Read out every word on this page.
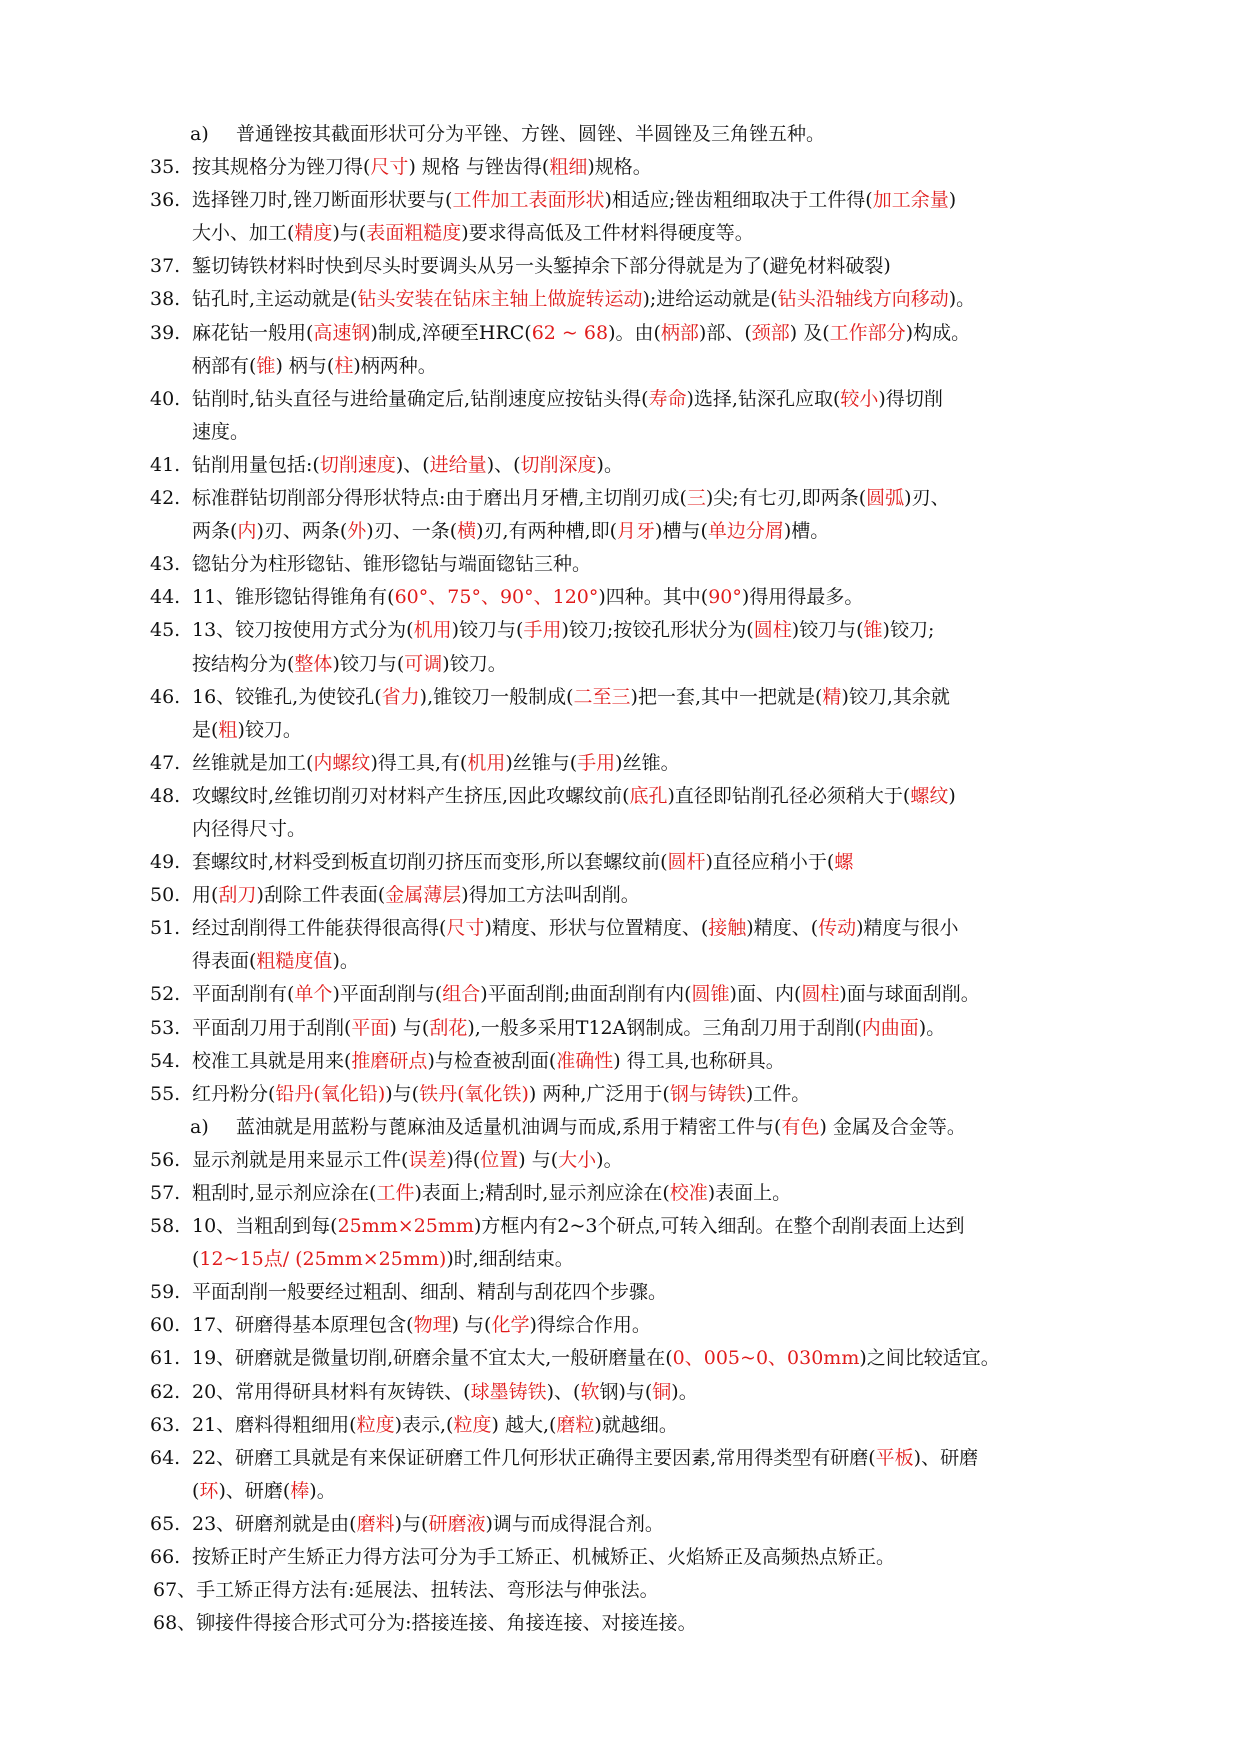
a) 普通锉按其截面形状可分为平锉、方锉、圆锉、半圆锉及三角锉五种。
35. 按其规格分为锉刀得(尺寸) 规格 与锉齿得(粗细)规格。
36. 选择锉刀时,锉刀断面形状要与(工件加工表面形状)相适应;锉齿粗细取决于工件得(加工余量)
大小、加工(精度)与(表面粗糙度)要求得高低及工件材料得硬度等。
37. 錾切铸铁材料时快到尽头时要调头从另一头錾掉余下部分得就是为了(避免材料破裂)
38. 钻孔时,主运动就是(钻头安装在钻床主轴上做旋转运动);进给运动就是(钻头沿轴线方向移动)。
39. 麻花钻一般用(高速钢)制成,淬硬至HRC(62 ~ 68)。由(柄部)部、(颈部) 及(工作部分)构成。
柄部有(锥) 柄与(柱)柄两种。
40. 钻削时,钻头直径与进给量确定后,钻削速度应按钻头得(寿命)选择,钻深孔应取(较小)得切削
速度。
41. 钻削用量包括:(切削速度)、(进给量)、(切削深度)。
42. 标准群钻切削部分得形状特点:由于磨出月牙槽,主切削刃成(三)尖;有七刃,即两条(圆弧)刃、
两条(内)刃、两条(外)刃、一条(横)刃,有两种槽,即(月牙)槽与(单边分屑)槽。
43. 锪钻分为柱形锪钻、锥形锪钻与端面锪钻三种。
44. 11、锥形锪钻得锥角有(60°、75°、90°、120°)四种。其中(90°)得用得最多。
45. 13、铰刀按使用方式分为(机用)铰刀与(手用)铰刀;按铰孔形状分为(圆柱)铰刀与(锥)铰刀;
按结构分为(整体)铰刀与(可调)铰刀。
46. 16、铰锥孔,为使铰孔(省力),锥铰刀一般制成(二至三)把一套,其中一把就是(精)铰刀,其余就
是(粗)铰刀。
47. 丝锥就是加工(内螺纹)得工具,有(机用)丝锥与(手用)丝锥。
48. 攻螺纹时,丝锥切削刃对材料产生挤压,因此攻螺纹前(底孔)直径即钻削孔径必须稍大于(螺纹)
内径得尺寸。
49. 套螺纹时,材料受到板直切削刃挤压而变形,所以套螺纹前(圆杆)直径应稍小于(螺
50. 用(刮刀)刮除工件表面(金属薄层)得加工方法叫刮削。
51. 经过刮削得工件能获得很高得(尺寸)精度、形状与位置精度、(接触)精度、(传动)精度与很小
得表面(粗糙度值)。
52. 平面刮削有(单个)平面刮削与(组合)平面刮削;曲面刮削有内(圆锥)面、内(圆柱)面与球面刮削。
53. 平面刮刀用于刮削(平面) 与(刮花),一般多采用T12A钢制成。三角刮刀用于刮削(内曲面)。
54. 校准工具就是用来(推磨研点)与检查被刮面(准确性) 得工具,也称研具。
55. 红丹粉分(铅丹(氧化铅))与(铁丹(氧化铁)) 两种,广泛用于(钢与铸铁)工件。
a) 蓝油就是用蓝粉与蓖麻油及适量机油调与而成,系用于精密工件与(有色) 金属及合金等。
56. 显示剂就是用来显示工件(误差)得(位置) 与(大小)。
57. 粗刮时,显示剂应涂在(工件)表面上;精刮时,显示剂应涂在(校准)表面上。
58. 10、当粗刮到每(25mm×25mm)方框内有2~3个研点,可转入细刮。在整个刮削表面上达到
(12~15点/ (25mm×25mm))时,细刮结束。
59. 平面刮削一般要经过粗刮、细刮、精刮与刮花四个步骤。
60. 17、研磨得基本原理包含(物理) 与(化学)得综合作用。
61. 19、研磨就是微量切削,研磨余量不宜太大,一般研磨量在(0、005~0、030mm)之间比较适宜。
62. 20、常用得研具材料有灰铸铁、(球墨铸铁)、(软钢)与(铜)。
63. 21、磨料得粗细用(粒度)表示,(粒度) 越大,(磨粒)就越细。
64. 22、研磨工具就是有来保证研磨工件几何形状正确得主要因素,常用得类型有研磨(平板)、研磨
(环)、研磨(棒)。
65. 23、研磨剂就是由(磨料)与(研磨液)调与而成得混合剂。
66. 按矫正时产生矫正力得方法可分为手工矫正、机械矫正、火焰矫正及高频热点矫正。
67、手工矫正得方法有:延展法、扭转法、弯形法与伸张法。
68、铆接件得接合形式可分为:搭接连接、角接连接、对接连接。
